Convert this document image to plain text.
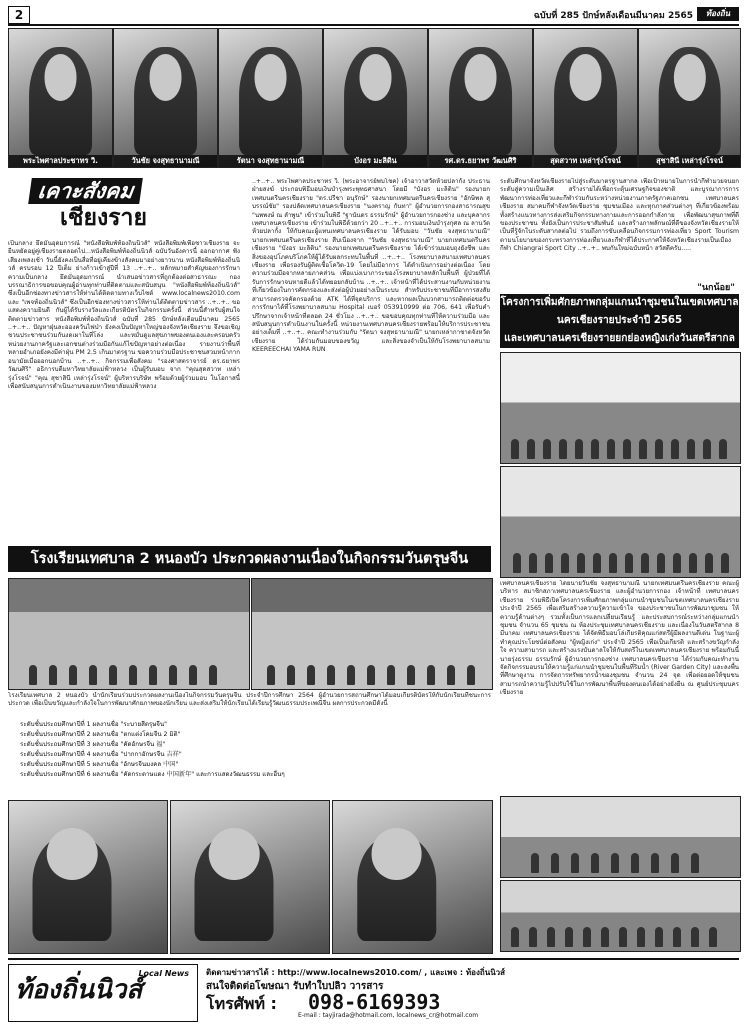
2	ฉบับที่ 285 ปักษ์หลังเดือนมีนาคม 2565	ท้องถิ่น
พระไพศาลประชาทร วิ.	วันชัย จงสุทธานามณี	รัตนา จงสุทธานามณี	บังอร มะลิดิน	รศ.ดร.ธยาพร วัฒนศิริ	สุดสวาท เหล่ารุ่งโรจน์	สุชาสินี เหล่ารุ่งโรจน์
เคาะสังคม
เชียงราย
เป็นกลาง ยึดมั่นอุดมการณ์ "หนังสือพิมพ์ท้องถิ่นนิวส์" หนังสือพิมพ์เพื่อชาวเชียงราย จะยืนหยัดอยู่คู่เชียงรายตลอดไป...หนังสือพิมพ์ท้องถิ่นนิวส์ ฉบับวันอังคารนี้ ออกอากาศ ฟังเสียงเพลงเช้า วันนี้ยังคงเป็นสื่อที่อยู่เคียงข้างสังคมมาอย่างยาวนาน หนังสือพิมพ์ท้องถิ่นนิวส์ ครบรอบ 12 ปีเต็ม ย่างก้าวเข้าสู่ปีที่ 13 ..+..+.. หลักหมายสำคัญของการรักษาความเป็นกลาง ยึดมั่นอุดมการณ์ นำเสนอข่าวสารที่ถูกต้องต่อสาธารณะ กองบรรณาธิการขอขอบคุณผู้อ่านทุกท่านที่ติดตามและสนับสนุน "หนังสือพิมพ์ท้องถิ่นนิวส์" ซึ่งเป็นอีกช่องทางข่าวสารให้ท่านได้ติดตามทางเว็บไซต์ www.localnews2010.com และ "เพจท้องถิ่นนิวส์" ซึ่งเป็นอีกช่องทางข่าวสารให้ท่านได้ติดตามข่าวสาร ..+..+.. ขอแสดงความยินดี กับผู้ได้รับรางวัลและเกียรติบัตรในกิจกรรมครั้งนี้ ส่วนนี้สำหรับผู้สนใจติดตามข่าวสาร หนังสือพิมพ์ท้องถิ่นนิวส์ ฉบับที่ 285 ปักษ์หลังเดือนมีนาคม 2565 ..+..+.. ปัญหาฝุ่นละอองควันไฟป่า ยังคงเป็นปัญหาใหญ่ของจังหวัดเชียงราย จึงขอเชิญชวนประชาชนร่วมกันงดเผาในที่โล่ง และหมั่นดูแลสุขภาพของตนเองและครอบครัว หน่วยงานภาครัฐและเอกชนต่างร่วมมือกันแก้ไขปัญหาอย่างต่อเนื่อง รายงานว่าพื้นที่หลายอำเภอยังคงมีค่าฝุ่น PM 2.5 เกินมาตรฐาน ขอความร่วมมือประชาชนสวมหน้ากากอนามัยเมื่อออกนอกบ้าน ..+..+.. กิจกรรมเพื่อสังคม "รองศาสตราจารย์ ดร.ธยาพร วัฒนศิริ" อธิการบดีมหาวิทยาลัยแม่ฟ้าหลวง เป็นผู้รับมอบ จาก "คุณสุดสวาท เหล่ารุ่งโรจน์" "คุณ สุชาสินี เหล่ารุ่งโรจน์" ผู้บริหารบริษัท พร้อมด้วยผู้ร่วมมอบ ในโอกาสนี้เพื่อสนับสนุนการดำเนินงานของมหาวิทยาลัยแม่ฟ้าหลวง
..+..+.. พระไพศาลประชาทร วิ. (พระอาจารย์พบโชค) เจ้าอาวาสวัดห้วยปลากั้ง ประธานฝ่ายสงฆ์ ประกอบพิธีมอบเงินบำรุงพระพุทธศาสนา โดยมี "บังอร มะลิดิน" รองนายกเทศมนตรีนครเชียงราย "ดร.ปรีชา อนุรักษ์" รองนายกเทศมนตรีนครเชียงราย "อักษิพล สุบรรณ์ชัย" รองปลัดเทศบาลนครเชียงราย "นงคราญ กันทา" ผู้อำนวยการกองสาธารณสุข "นพพงษ์ ณ ลำพูน" เข้าร่วมในพิธี "ฐานันดร ธรรมรักษ์" ผู้อำนวยการกองช่าง และบุคลากรเทศบาลนครเชียงราย เข้าร่วมในพิธีด้วยกว่า 20 ..+..+.. การมอบเงินบำรุงกุศล ณ ลานวัดห้วยปลากั้ง ให้กับคณะผู้แทนเทศบาลนครเชียงราย ได้รับมอบ "วันชัย จงสุทธานามณี" นายกเทศมนตรีนครเชียงราย สืบเนื่องจาก "วันชัย จงสุทธานามณี" นายกเทศมนตรีนครเชียงราย "บังอร มะลิดิน" รองนายกเทศมนตรีนครเชียงราย ได้เข้าร่วมมอบถุงยังชีพ และสิ่งของอุปโภคบริโภคให้ผู้ได้รับผลกระทบในพื้นที่ ..+..+.. โรงพยาบาลสนามเทศบาลนครเชียงราย เพื่อรองรับผู้ติดเชื้อโควิด-19 โดยไม่มีอาการ ได้ดำเนินการอย่างต่อเนื่อง โดยความร่วมมือจากหลายภาคส่วน เพื่อแบ่งเบาภาระของโรงพยาบาลหลักในพื้นที่ ผู้ป่วยที่ได้รับการรักษาจนหายดีแล้วได้ทยอยกลับบ้าน ..+..+.. เจ้าหน้าที่ได้ประสานงานกับหน่วยงานที่เกี่ยวข้องในการคัดกรองและส่งต่อผู้ป่วยอย่างเป็นระบบ สำหรับประชาชนที่มีอาการสงสัยสามารถตรวจคัดกรองด้วย ATK ได้ที่จุดบริการ และหากผลเป็นบวกสามารถติดต่อขอรับการรักษาได้ที่โรงพยาบาลสนาม Hospital เบอร์ 053910999 ต่อ 706, 641 เพื่อรับคำปรึกษาจากเจ้าหน้าที่ตลอด 24 ชั่วโมง ..+..+.. ขอขอบคุณทุกท่านที่ให้ความร่วมมือ และสนับสนุนการดำเนินงานในครั้งนี้ หน่วยงานเทศบาลนครเชียงรายพร้อมให้บริการประชาชนอย่างเต็มที่ ..+..+.. คณะทำงานร่วมกับ "รัตนา จงสุทธานามณี" นายกเหล่ากาชาดจังหวัดเชียงราย ได้ร่วมกันมอบของขวัญ และสิ่งของจำเป็นให้กับโรงพยาบาลสนาม KEEREECHAI YAMA RUN
ระดับศึกษาจังหวัดเชียงรายไปสู่ระดับมาตรฐานสากล เพื่อเป้าหมายในการนำกีฬามวยจนยกระดับสู่ความเป็นเลิศ สร้างรายได้เพื่อกระตุ้นเศรษฐกิจของชาติ และบูรณาการการพัฒนาการท่องเที่ยวและกีฬาร่วมกันระหว่างหน่วยงานภาครัฐภาคเอกชน เทศบาลนครเชียงราย สมาคมกีฬาจังหวัดเชียงราย ชุมชนเมือง และทุกภาคส่วนต่างๆ ที่เกี่ยวข้องพร้อมทั้งสร้างแนวทางการส่งเสริมกิจกรรมทางกายและการออกกำลังกาย เพื่อพัฒนาสุขภาพที่ดีของประชาชน ทั้งยังเป็นการประชาสัมพันธ์ และสร้างภาพลักษณ์ที่ดีของจังหวัดเชียงรายให้เป็นที่รู้จักในระดับสากลต่อไป รวมถึงการขับเคลื่อนกิจกรรมการท่องเที่ยว Sport Tourism ตามนโยบายของกระทรวงการท่องเที่ยวและกีฬาที่ได้ประกาศให้จังหวัดเชียงรายเป็นเมืองกีฬา Chiangrai Sport City ..+..+.. พบกันใหม่ฉบับหน้า สวัสดีครับ.....
"นกน้อย"
โรงเรียนเทศบาล 2 หนองบัว ประกวดผลงานเนื่องในกิจกรรมวันตรุษจีน
โรงเรียนเทศบาล 2 หนองบัว นำนักเรียนร่วมประกวดผลงานเนื่องในกิจกรรมวันตรุษจีน ประจำปีการศึกษา 2564 ผู้อำนวยการสถานศึกษาได้มอบเกียรติบัตรให้กับนักเรียนที่ชนะการประกวด เพื่อเป็นขวัญและกำลังใจในการพัฒนาศักยภาพของนักเรียน และส่งเสริมให้นักเรียนได้เรียนรู้วัฒนธรรมประเพณีจีน ผลการประกวดมีดังนี้
ระดับชั้นประถมศึกษาปีที่ 1 ผลงานชื่อ "ระบายสีตรุษจีน"
ระดับชั้นประถมศึกษาปีที่ 2 ผลงานชื่อ "ตกแต่งโคมจีน 2 มิติ"
ระดับชั้นประถมศึกษาปีที่ 3 ผลงานชื่อ "คัดอักษรจีน 福"
ระดับชั้นประถมศึกษาปีที่ 4 ผลงานชื่อ "ปากกาอักษรจีน 吉祥"
ระดับชั้นประถมศึกษาปีที่ 5 ผลงานชื่อ "อักษรจีนมงคล 中国"
ระดับชั้นประถมศึกษาปีที่ 6 ผลงานชื่อ "คัดกระดาษแดง 中国新年" และการแสดงวัฒนธรรม และอื่นๆ
โครงการเพิ่มศักยภาพกลุ่มแกนนำชุมชนในเขตเทศบาล
นครเชียงรายประจำปี 2565
และเทศบาลนครเชียงรายยกย่องหญิงเก่งวันสตรีสากล
เทศบาลนครเชียงราย โดยนายวันชัย จงสุทธานามณี นายกเทศมนตรีนครเชียงราย คณะผู้บริหาร สมาชิกสภาเทศบาลนครเชียงราย และผู้อำนวยการกอง เจ้าหน้าที่ เทศบาลนครเชียงราย ร่วมพิธีเปิดโครงการเพิ่มศักยภาพกลุ่มแกนนำชุมชนในเขตเทศบาลนครเชียงราย ประจำปี 2565 เพื่อเสริมสร้างความรู้ความเข้าใจ ของประชาชนในการพัฒนาชุมชน ให้ความรู้ด้านต่างๆ รวมทั้งเป็นการแลกเปลี่ยนเรียนรู้ และประสบการณ์ระหว่างกลุ่มแกนนำชุมชน จำนวน 65 ชุมชน ณ ห้องประชุมเทศบาลนครเชียงราย และเนื่องในวันสตรีสากล 8 มีนาคม เทศบาลนครเชียงราย ได้จัดพิธีมอบโล่เกียรติคุณแก่สตรีผู้มีผลงานดีเด่น ในฐานะผู้ทำคุณประโยชน์ต่อสังคม "ผู้หญิงเก่ง" ประจำปี 2565 เพื่อเป็นเกียรติ และสร้างขวัญกำลังใจ ความสามารถ และสร้างแรงบันดาลใจให้กับสตรีในเขตเทศบาลนครเชียงราย พร้อมกันนี้ นายรุ่งธรรม ธรรมรักษ์ ผู้อำนวยการกองช่าง เทศบาลนครเชียงราย ได้ร่วมกับคณะทำงานจัดกิจกรรมอบรมให้ความรู้แก่แกนนำชุมชนในพื้นที่ริมน้ำ (River Garden City) และลงพื้นที่ศึกษาดูงาน การจัดการทรัพยากรน้ำของชุมชน จำนวน 24 จุด เพื่อต่อยอดให้ชุมชนสามารถนำความรู้ไปปรับใช้ในการพัฒนาพื้นที่ของตนเองได้อย่างยั่งยืน ณ ศูนย์ประชุมนครเชียงราย
ท้องถิ่นนิวส์
Local News ติดตามข่าวสารได้ : http://www.localnews2010.com/ , และเพจ : ท้องถิ่นนิวส์
สนใจติดต่อโฆษณา รับทำใบปลิว วารสาร
โทรศัพท์ : 098-6169393
E-mail : tayjirada@hotmail.com, localnews_cr@hotmail.com
